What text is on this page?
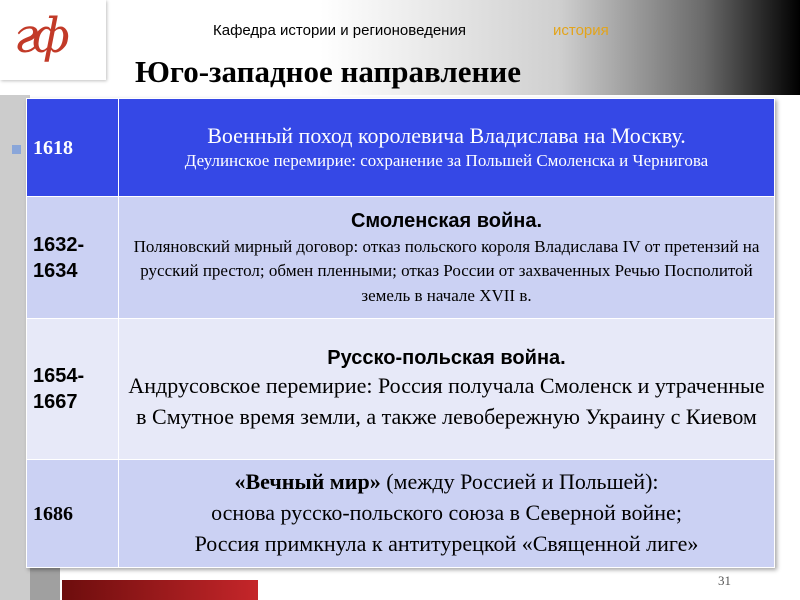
гф	Кафедра истории и регионоведения	история
Юго-западное направление
1618	Военный поход королевича Владислава на Москву.
Деулинское перемирие: сохранение за Польшей Смоленска и Чернигова

1632-
1634	Смоленская война.
Поляновский мирный договор: отказ польского короля Владислава IV от претензий на русский престол; обмен пленными; отказ России от захваченных Речью Посполитой земель в начале XVII в.

1654-
1667	Русско-польская война.
Андрусовское перемирие: Россия получала Смоленск и утраченные в Смутное время земли, а также левобережную Украину с Киевом

1686	«Вечный мир» (между Россией и Польшей):
основа русско-польского союза в Северной войне;
Россия примкнула к антитурецкой «Священной лиге»
31
